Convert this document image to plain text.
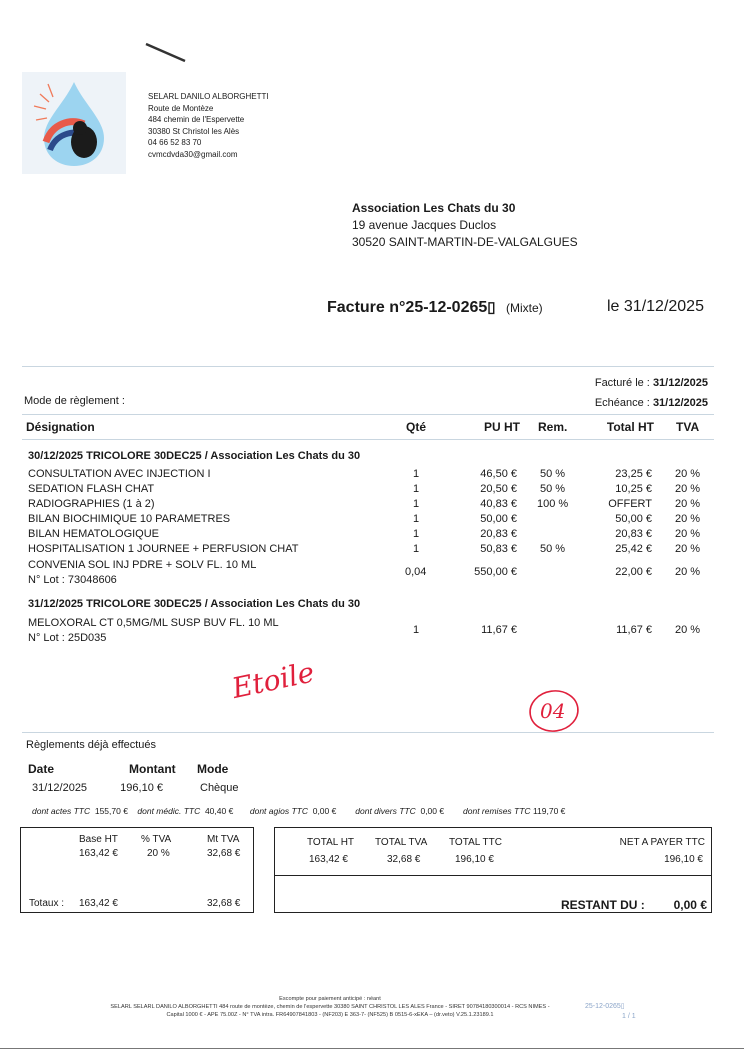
SELARL DANILO ALBORGHETTI
Route de Montèze
484 chemin de l'Espervette
30380 St Christol les Alès
04 66 52 83 70
cvmcdvda30@gmail.com
Association Les Chats du 30
19 avenue Jacques Duclos
30520 SAINT-MARTIN-DE-VALGALGUES
Facture n°25-12-0265▯ (Mixte)	le 31/12/2025
Facturé le : 31/12/2025
Echéance : 31/12/2025
Mode de règlement :
Désignation	Qté	PU HT Rem.	Total HT TVA
30/12/2025 TRICOLORE 30DEC25 / Association Les Chats du 30
CONSULTATION AVEC INJECTION I	1	46,50 € 50 %	23,25 € 20 %
SEDATION FLASH CHAT	1	20,50 € 50 %	10,25 € 20 %
RADIOGRAPHIES (1 à 2)	1	40,83 € 100 %	OFFERT 20 %
BILAN BIOCHIMIQUE 10 PARAMETRES	1	50,00 €	50,00 € 20 %
BILAN HEMATOLOGIQUE	1	20,83 €	20,83 € 20 %
HOSPITALISATION 1 JOURNEE + PERFUSION CHAT	1	50,83 € 50 %	25,42 € 20 %
CONVENIA SOL INJ PDRE + SOLV FL. 10 ML
N° Lot : 73048606
0,04	550,00 €	22,00 € 20 %
31/12/2025 TRICOLORE 30DEC25 / Association Les Chats du 30
MELOXORAL CT 0,5MG/ML SUSP BUV FL. 10 ML
N° Lot : 25D035
1	11,67 €	11,67 € 20 %
Etoile
04
Règlements déjà effectués
Date	Montant Mode
31/12/2025	196,10 €	Chèque
dont actes TTC 155,70 € dont médic. TTC 40,40 € dont agios TTC 0,00 € dont divers TTC 0,00 € dont remises TTC 119,70 €
Base HT % TVA	Mt TVA
163,42 €	20 %	32,68 €
Totaux : 163,42 €	32,68 €
TOTAL HT TOTAL TVA TOTAL TTC	NET A PAYER TTC
163,42 €	32,68 €	196,10 €	196,10 €
RESTANT DU : 0,00 €
Escompte pour paiement anticipé : néant
SELARL SELARL DANILO ALBORGHETTI 484 route de montèze, chemin de l'espervette 30380 SAINT CHRISTOL LES ALES France - SIRET 90784180300014 - RCS NIMES -
Capital 1000 € - APE 75.00Z - N° TVA intra. FR64907841803 - (NF203) E 363-7- (NF525) B 0515-6-xEKA – (dr.veto) V.25.1.23189.1
25-12-0265▯
1 / 1
